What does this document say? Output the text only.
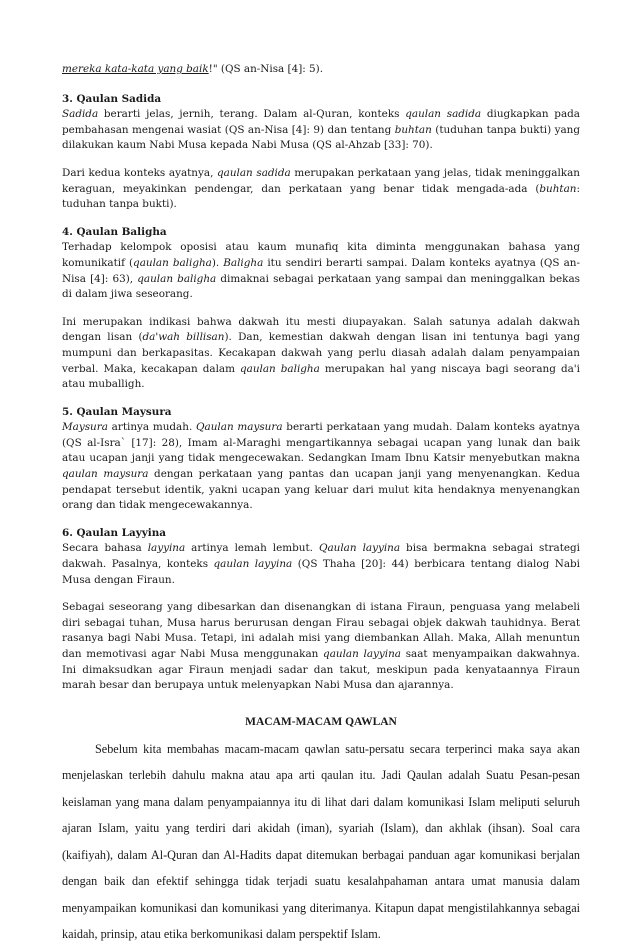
mereka kata-kata yang baik!" (QS an-Nisa [4]: 5).

3. Qaulan Sadida

Sadida berarti jelas, jernih, terang. Dalam al-Quran, konteks qaulan sadida diugkapkan pada pembahasan mengenai wasiat (QS an-Nisa [4]: 9) dan tentang buhtan (tuduhan tanpa bukti) yang dilakukan kaum Nabi Musa kepada Nabi Musa (QS al-Ahzab [33]: 70).

Dari kedua konteks ayatnya, qaulan sadida merupakan perkataan yang jelas, tidak meninggalkan keraguan, meyakinkan pendengar, dan perkataan yang benar tidak mengada-ada (buhtan: tuduhan tanpa bukti).

4. Qaulan Baligha

Terhadap kelompok oposisi atau kaum munafiq kita diminta menggunakan bahasa yang komunikatif (qaulan baligha). Baligha itu sendiri berarti sampai. Dalam konteks ayatnya (QS an-Nisa [4]: 63), qaulan baligha dimaknai sebagai perkataan yang sampai dan meninggalkan bekas di dalam jiwa seseorang.

Ini merupakan indikasi bahwa dakwah itu mesti diupayakan. Salah satunya adalah dakwah dengan lisan (da'wah billisan). Dan, kemestian dakwah dengan lisan ini tentunya bagi yang mumpuni dan berkapasitas. Kecakapan dakwah yang perlu diasah adalah dalam penyampaian verbal. Maka, kecakapan dalam qaulan baligha merupakan hal yang niscaya bagi seorang da'i atau muballigh.

5. Qaulan Maysura

Maysura artinya mudah. Qaulan maysura berarti perkataan yang mudah. Dalam konteks ayatnya (QS al-Isra` [17]: 28), Imam al-Maraghi mengartikannya sebagai ucapan yang lunak dan baik atau ucapan janji yang tidak mengecewakan. Sedangkan Imam Ibnu Katsir menyebutkan makna qaulan maysura dengan perkataan yang pantas dan ucapan janji yang menyenangkan. Kedua pendapat tersebut identik, yakni ucapan yang keluar dari mulut kita hendaknya menyenangkan orang dan tidak mengecewakannya.

6. Qaulan Layyina

Secara bahasa layyina artinya lemah lembut. Qaulan layyina bisa bermakna sebagai strategi dakwah. Pasalnya, konteks qaulan layyina (QS Thaha [20]: 44) berbicara tentang dialog Nabi Musa dengan Firaun.

Sebagai seseorang yang dibesarkan dan disenangkan di istana Firaun, penguasa yang melabeli diri sebagai tuhan, Musa harus berurusan dengan Firau sebagai objek dakwah tauhidnya. Berat rasanya bagi Nabi Musa. Tetapi, ini adalah misi yang diembankan Allah. Maka, Allah menuntun dan memotivasi agar Nabi Musa menggunakan qaulan layyina saat menyampaikan dakwahnya. Ini dimaksudkan agar Firaun menjadi sadar dan takut, meskipun pada kenyataannya Firaun marah besar dan berupaya untuk melenyapkan Nabi Musa dan ajarannya.

MACAM-MACAM QAWLAN

Sebelum kita membahas macam-macam qawlan satu-persatu secara terperinci maka saya akan menjelaskan terlebih dahulu makna atau apa arti qaulan itu. Jadi Qaulan adalah Suatu Pesan-pesan keislaman yang mana dalam penyampaiannya itu di lihat dari dalam komunikasi Islam meliputi seluruh ajaran Islam, yaitu yang terdiri dari akidah (iman), syariah (Islam), dan akhlak (ihsan). Soal cara (kaifiyah), dalam Al-Quran dan Al-Hadits dapat ditemukan berbagai panduan agar komunikasi berjalan dengan baik dan efektif sehingga tidak terjadi suatu kesalahpahaman antara umat manusia dalam menyampaikan komunikasi dan komunikasi yang diterimanya. Kitapun dapat mengistilahkannya sebagai kaidah, prinsip, atau etika berkomunikasi dalam perspektif Islam.
